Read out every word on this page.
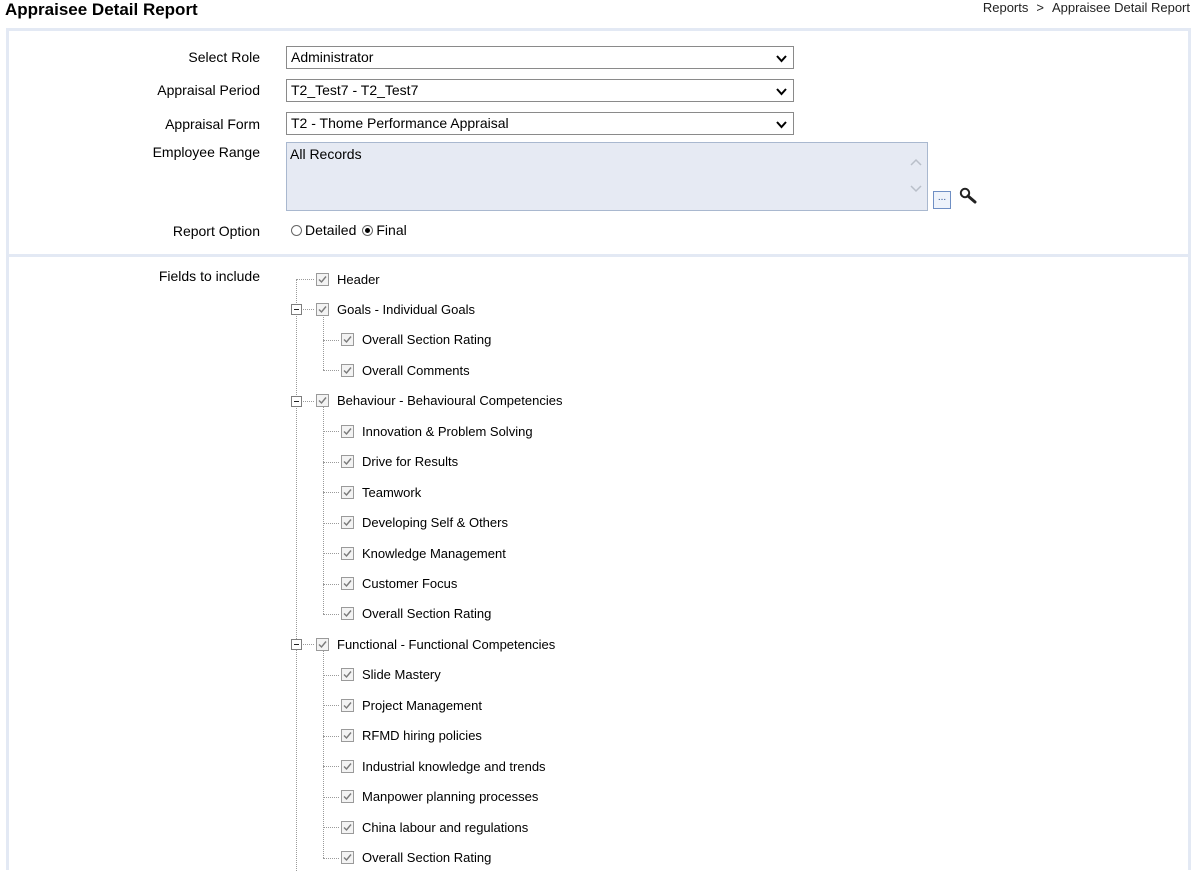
Appraisee Detail Report	Reports > Appraisee Detail Report
Select Role	Administrator
Appraisal Period	T2_Test7 - T2_Test7
Appraisal Form	T2 - Thome Performance Appraisal
Employee Range All Records
...
Report Option	Detailed Final
Fields to include	Header
Goals - Individual Goals
Overall Section Rating
Overall Comments
Behaviour - Behavioural Competencies
Innovation & Problem Solving
Drive for Results
Teamwork
Developing Self & Others
Knowledge Management
Customer Focus
Overall Section Rating
Functional - Functional Competencies
Slide Mastery
Project Management
RFMD hiring policies
Industrial knowledge and trends
Manpower planning processes
China labour and regulations
Overall Section Rating
